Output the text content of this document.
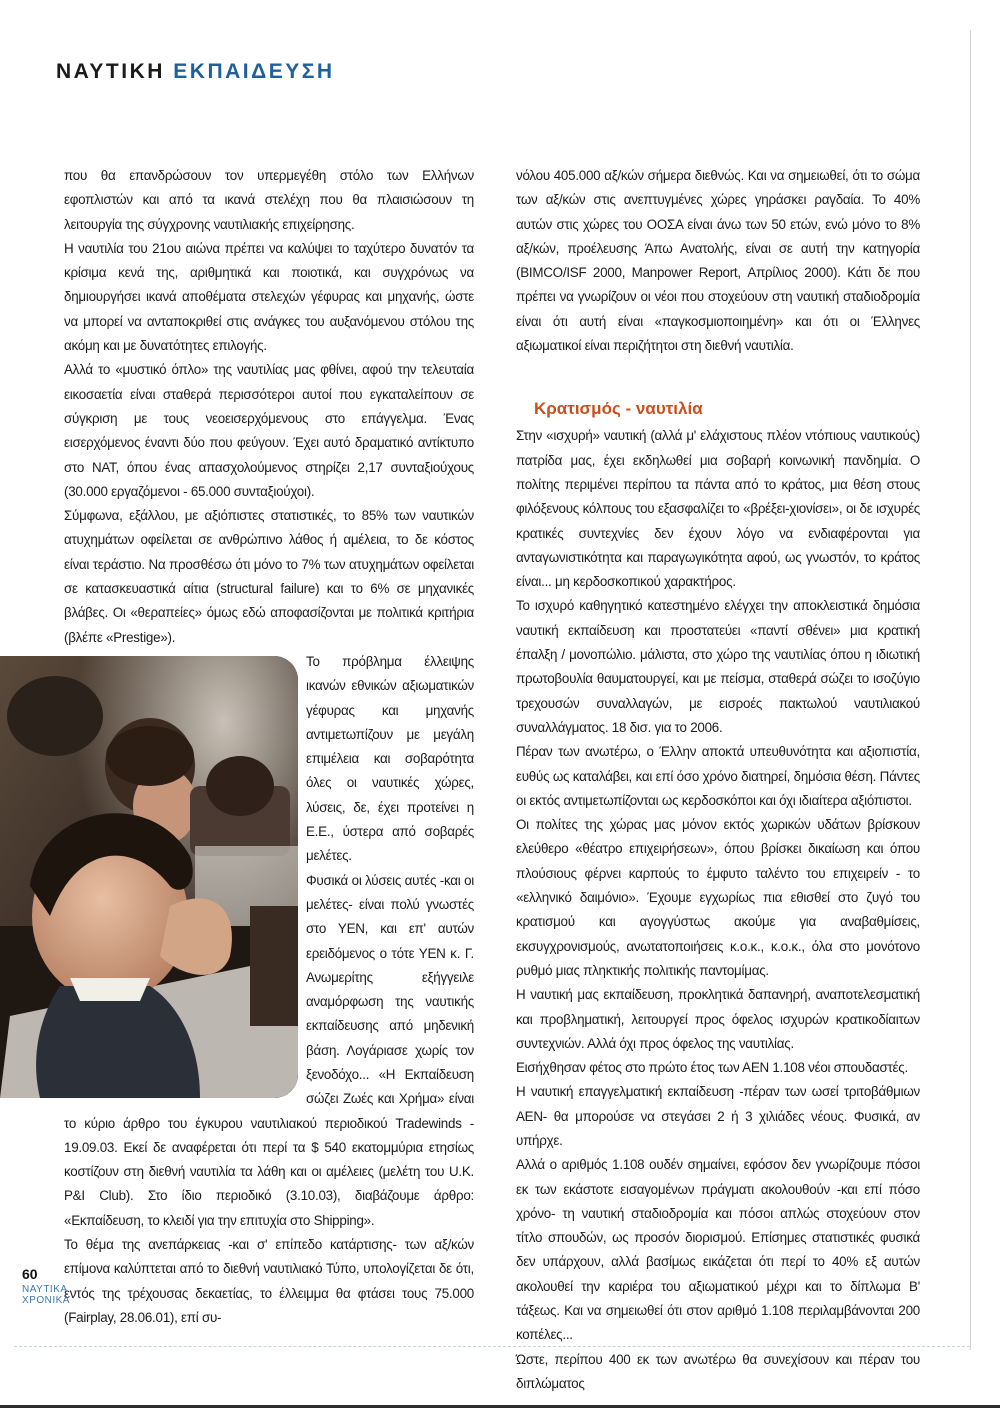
ΝΑΥΤΙΚΗ ΕΚΠΑΙΔΕΥΣΗ

που θα επανδρώσουν τον υπερμεγέθη στόλο των Ελλήνων εφοπλιστών και από τα ικανά στελέχη που θα πλαισιώσουν τη λειτουργία της σύγχρονης ναυτιλιακής επιχείρησης.

Η ναυτιλία του 21ου αιώνα πρέπει να καλύψει το ταχύτερο δυνατόν τα κρίσιμα κενά της, αριθμητικά και ποιοτικά, και συγχρόνως να δημιουργήσει ικανά αποθέματα στελεχών γέφυρας και μηχανής, ώστε να μπορεί να ανταποκριθεί στις ανάγκες του αυξανόμενου στόλου της ακόμη και με δυνατότητες επιλογής.

Αλλά το «μυστικό όπλο» της ναυτιλίας μας φθίνει, αφού την τελευταία εικοσαετία είναι σταθερά περισσότεροι αυτοί που εγκαταλείπουν σε σύγκριση με τους νεοεισερχόμενους στο επάγγελμα. Ένας εισερχόμενος έναντι δύο που φεύγουν. Έχει αυτό δραματικό αντίκτυπο στο ΝΑΤ, όπου ένας απασχολούμενος στηρίζει 2,17 συνταξιούχους (30.000 εργαζόμενοι - 65.000 συνταξιούχοι).

Σύμφωνα, εξάλλου, με αξιόπιστες στατιστικές, το 85% των ναυτικών ατυχημάτων οφείλεται σε ανθρώπινο λάθος ή αμέλεια, το δε κόστος είναι τεράστιο. Να προσθέσω ότι μόνο το 7% των ατυχημάτων οφείλεται σε κατασκευαστικά αίτια (structural failure) και το 6% σε μηχανικές βλάβες. Οι «θεραπείες» όμως εδώ αποφασίζονται με πολιτικά κριτήρια (βλέπε «Prestige»).

Το πρόβλημα έλλειψης ικανών εθνικών αξιωματικών γέφυρας και μηχανής αντιμετωπίζουν με μεγάλη επιμέλεια και σοβαρότητα όλες οι ναυτικές χώρες, λύσεις, δε, έχει προτείνει η Ε.Ε., ύστερα από σοβαρές μελέτες.

Φυσικά οι λύσεις αυτές -και οι μελέτες- είναι πολύ γνωστές στο ΥΕΝ, και επ' αυτών ερειδόμενος ο τότε ΥΕΝ κ. Γ. Ανωμερίτης εξήγγειλε αναμόρφωση της ναυτικής εκπαίδευσης από μηδενική βάση. Λογάριασε χωρίς τον ξενοδόχο... «Η Εκπαίδευση σώζει Ζωές και Χρήμα» είναι το κύριο άρθρο του έγκυρου ναυτιλιακού περιοδικού Tradewinds - 19.09.03. Εκεί δε αναφέρεται ότι περί τα $ 540 εκατομμύρια ετησίως κοστίζουν στη διεθνή ναυτιλία τα λάθη και οι αμέλειες (μελέτη του U.K. P&I Club). Στο ίδιο περιοδικό (3.10.03), διαβάζουμε άρθρο: «Εκπαίδευση, το κλειδί για την επιτυχία στο Shipping».

Το θέμα της ανεπάρκειας -και σ' επίπεδο κατάρτισης- των αξ/κών επίμονα καλύπτεται από το διεθνή ναυτιλιακό Τύπο, υπολογίζεται δε ότι, εντός της τρέχουσας δεκαετίας, το έλλειμμα θα φτάσει τους 75.000 (Fairplay, 28.06.01), επί συ-

νόλου 405.000 αξ/κών σήμερα διεθνώς. Και να σημειωθεί, ότι το σώμα των αξ/κών στις ανεπτυγμένες χώρες γηράσκει ραγδαία. Το 40% αυτών στις χώρες του ΟΟΣΑ είναι άνω των 50 ετών, ενώ μόνο το 8% αξ/κών, προέλευσης Άπω Ανατολής, είναι σε αυτή την κατηγορία (BIMCO/ISF 2000, Manpower Report, Απρίλιος 2000). Κάτι δε που πρέπει να γνωρίζουν οι νέοι που στοχεύουν στη ναυτική σταδιοδρομία είναι ότι αυτή είναι «παγκοσμιοποιημένη» και ότι οι Έλληνες αξιωματικοί είναι περιζήτητοι στη διεθνή ναυτιλία.

Κρατισμός - ναυτιλία

Στην «ισχυρή» ναυτική (αλλά μ' ελάχιστους πλέον ντόπιους ναυτικούς) πατρίδα μας, έχει εκδηλωθεί μια σοβαρή κοινωνική πανδημία. Ο πολίτης περιμένει περίπου τα πάντα από το κράτος, μια θέση στους φιλόξενους κόλπους του εξασφαλίζει το «βρέξει-χιονίσει», οι δε ισχυρές κρατικές συντεχνίες δεν έχουν λόγο να ενδιαφέρονται για ανταγωνιστικότητα και παραγωγικότητα αφού, ως γνωστόν, το κράτος είναι... μη κερδοσκοπικού χαρακτήρος.

Το ισχυρό καθηγητικό κατεστημένο ελέγχει την αποκλειστικά δημόσια ναυτική εκπαίδευση και προστατεύει «παντί σθένει» μια κρατική έπαλξη / μονοπώλιο. μάλιστα, στο χώρο της ναυτιλίας όπου η ιδιωτική πρωτοβουλία θαυματουργεί, και με πείσμα, σταθερά σώζει το ισοζύγιο τρεχουσών συναλλαγών, με εισροές πακτωλού ναυτιλιακού συναλλάγματος. 18 δισ. για το 2006.

Πέραν των ανωτέρω, ο Έλλην αποκτά υπευθυνότητα και αξιοπιστία, ευθύς ως καταλάβει, και επί όσο χρόνο διατηρεί, δημόσια θέση. Πάντες οι εκτός αντιμετωπίζονται ως κερδοσκόποι και όχι ιδιαίτερα αξιόπιστοι.

Οι πολίτες της χώρας μας μόνον εκτός χωρικών υδάτων βρίσκουν ελεύθερο «θέατρο επιχειρήσεων», όπου βρίσκει δικαίωση και όπου πλούσιους φέρνει καρπούς το έμφυτο ταλέντο του επιχειρείν - το «ελληνικό δαιμόνιο». Έχουμε εγχωρίως πια εθισθεί στο ζυγό του κρατισμού και αγογγύστως ακούμε για αναβαθμίσεις, εκσυγχρονισμούς, ανωτατοποιήσεις κ.ο.κ., κ.ο.κ., όλα στο μονότονο ρυθμό μιας πληκτικής πολιτικής παντομίμας.

Η ναυτική μας εκπαίδευση, προκλητικά δαπανηρή, αναποτελεσματική και προβληματική, λειτουργεί προς όφελος ισχυρών κρατικοδίαιτων συντεχνιών. Αλλά όχι προς όφελος της ναυτιλίας.

Εισήχθησαν φέτος στο πρώτο έτος των ΑΕΝ 1.108 νέοι σπουδαστές.

Η ναυτική επαγγελματική εκπαίδευση -πέραν των ωσεί τριτοβάθμιων ΑΕΝ- θα μπορούσε να στεγάσει 2 ή 3 χιλιάδες νέους. Φυσικά, αν υπήρχε.

Αλλά ο αριθμός 1.108 ουδέν σημαίνει, εφόσον δεν γνωρίζουμε πόσοι εκ των εκάστοτε εισαγομένων πράγματι ακολουθούν -και επί πόσο χρόνο- τη ναυτική σταδιοδρομία και πόσοι απλώς στοχεύουν στον τίτλο σπουδών, ως προσόν διορισμού. Επίσημες στατιστικές φυσικά δεν υπάρχουν, αλλά βασίμως εικάζεται ότι περί το 40% εξ αυτών ακολουθεί την καριέρα του αξιωματικού μέχρι και το δίπλωμα Β' τάξεως. Και να σημειωθεί ότι στον αριθμό 1.108 περιλαμβάνονται 200 κοπέλες...

Ώστε, περίπου 400 εκ των ανωτέρω θα συνεχίσουν και πέραν του διπλώματος

60
ΝΑΥΤΙΚΑ
ΧΡΟΝΙΚΑ
